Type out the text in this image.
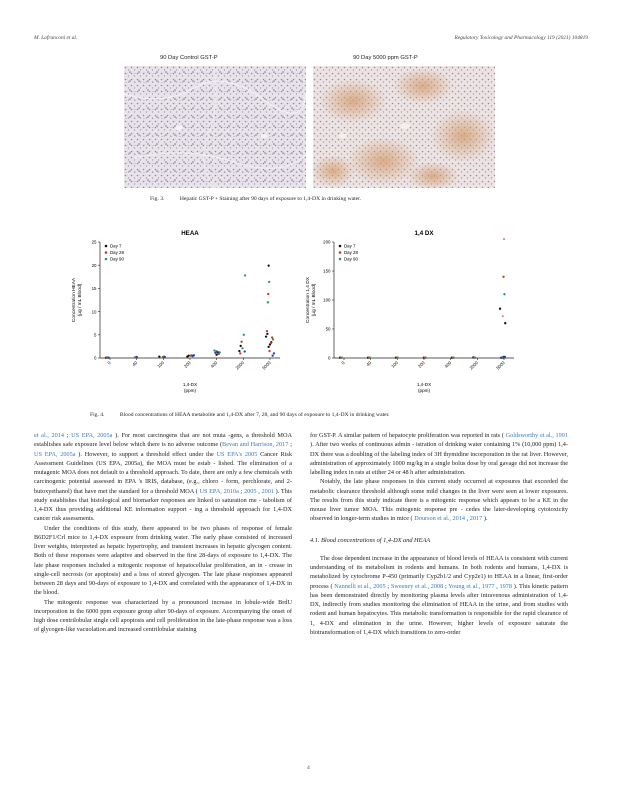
M. Lafranconi et al.	Regulatory Toxicology and Pharmacology 119 (2021) 104819
90 Day Control GST-P	90 Day 5000 ppm GST-P
Fig. 3.	Hepatic GST-P + Staining after 90 days of exposure to 1,4-DX in drinking water.
HEAA
0
5
10
15
20
25
0	40	100	200	400	2000	5000
Concentration HEAA(μg / mL Blood)
1,4-DX (ppm)
Day 7
Day 28
Day 90
1,4 DX
0
50
100
150
200
0	40	100	200	400	2000	5000
Concentration 1,4 DX(μg / mL Blood)
1,4-DX (ppm)
Day 7
Day 28
Day 90
Fig. 4.	Blood concentrations of HEAA metabolite and 1,4-DX after 7, 28, and 90 days of exposure to 1,4-DX in drinking water.

et al., 2014 ; US EPA, 2005a ). For most carcinogens that are not muta -gens, a threshold MOA establishes safe exposure level below which there is no adverse outcome (Bevan and Harrison, 2017 ; US EPA, 2005a ). However, to support a threshold effect under the US EPA's 2005 Cancer Risk Assessment Guidelines (US EPA, 2005a), the MOA must be estab - lished. The elimination of a mutagenic MOA does not default to a threshold approach. To date, there are only a few chemicals with carcinogenic potential assessed in EPA 's IRIS, database, (e.g., chloro - form, perchlorate, and 2-butoxyethanol) that have met the standard for a threshold MOA ( US EPA, 2010a ; 2005 , 2001 ). This study establishes that histological and biomarker responses are linked to saturation me - tabolism of 1,4-DX thus providing additional KE information support - ing a threshold approach for 1,4-DX cancer risk assessments.

Under the conditions of this study, there appeared to be two phases of response of female B6D2F1/Crl mice to 1,4-DX exposure from drinking water. The early phase consisted of increased liver weights, interpreted as hepatic hypertrophy, and transient increases in hepatic glycogen content. Both of these responses were adaptive and observed in the first 28-days of exposure to 1,4-DX. The late phase responses included a mitogenic response of hepatocellular proliferation, an in - crease in single-cell necrosis (or apoptosis) and a loss of stored glycogen. The late phase responses appeared between 28 days and 90-days of exposure to 1,4-DX and correlated with the appearance of 1,4-DX in the blood.

The mitogenic response was characterized by a pronounced increase in lobule-wide BrdU incorporation in the 6000 ppm exposure group after 90-days of exposure. Accompanying the onset of high dose centrilobular single cell apoptosis and cell proliferation in the late-phase response was a loss of glycogen-like vacuolation and increased centrilobular staining

for GST-P. A similar pattern of hepatocyte proliferation was reported in rats ( Goldsworthy et al., 1991 ). After two weeks of continuous admin - istration of drinking water containing 1% (10,000 ppm) 1,4-DX there was a doubling of the labeling index of 3H thymidine incorporation in the rat liver. However, administration of approximately 1000 mg/kg in a single bolus dose by oral gavage did not increase the labelling index in rats at either 24 or 48 h after administration.

Notably, the late phase responses in this current study occurred at exposures that exceeded the metabolic clearance threshold although some mild changes in the liver were seen at lower exposures. The results from this study indicate there is a mitogenic response which appears to be a KE in the mouse liver tumor MOA. This mitogenic response pre - cedes the later-developing cytotoxicity observed in longer-term studies in mice ( Dourson et al., 2014 , 2017 ).

4.1. Blood concentrations of 1,4-DX and HEAA

The dose dependent increase in the appearance of blood levels of HEAA is consistent with current understanding of its metabolism in rodents and humans. In both rodents and humans, 1,4-DX is metabolized by cytochrome P-450 (primarily Cyp2b1/2 and Cyp2e1) to HEAA in a linear, first-order process ( Nannelli et al., 2005 ; Sweeney et al., 2008 ; Young et al., 1977 , 1978 ). This kinetic pattern has been demonstrated directly by monitoring plasma levels after intravenous administration of 1,4-DX, indirectly from studies monitoring the elimination of HEAA in the urine, and from studies with rodent and human hepatocytes. This metabolic transformation is responsible for the rapid clearance of 1, 4-DX and elimination in the urine. However, higher levels of exposure saturate the biotransformation of 1,4-DX which transitions to zero-order

4
